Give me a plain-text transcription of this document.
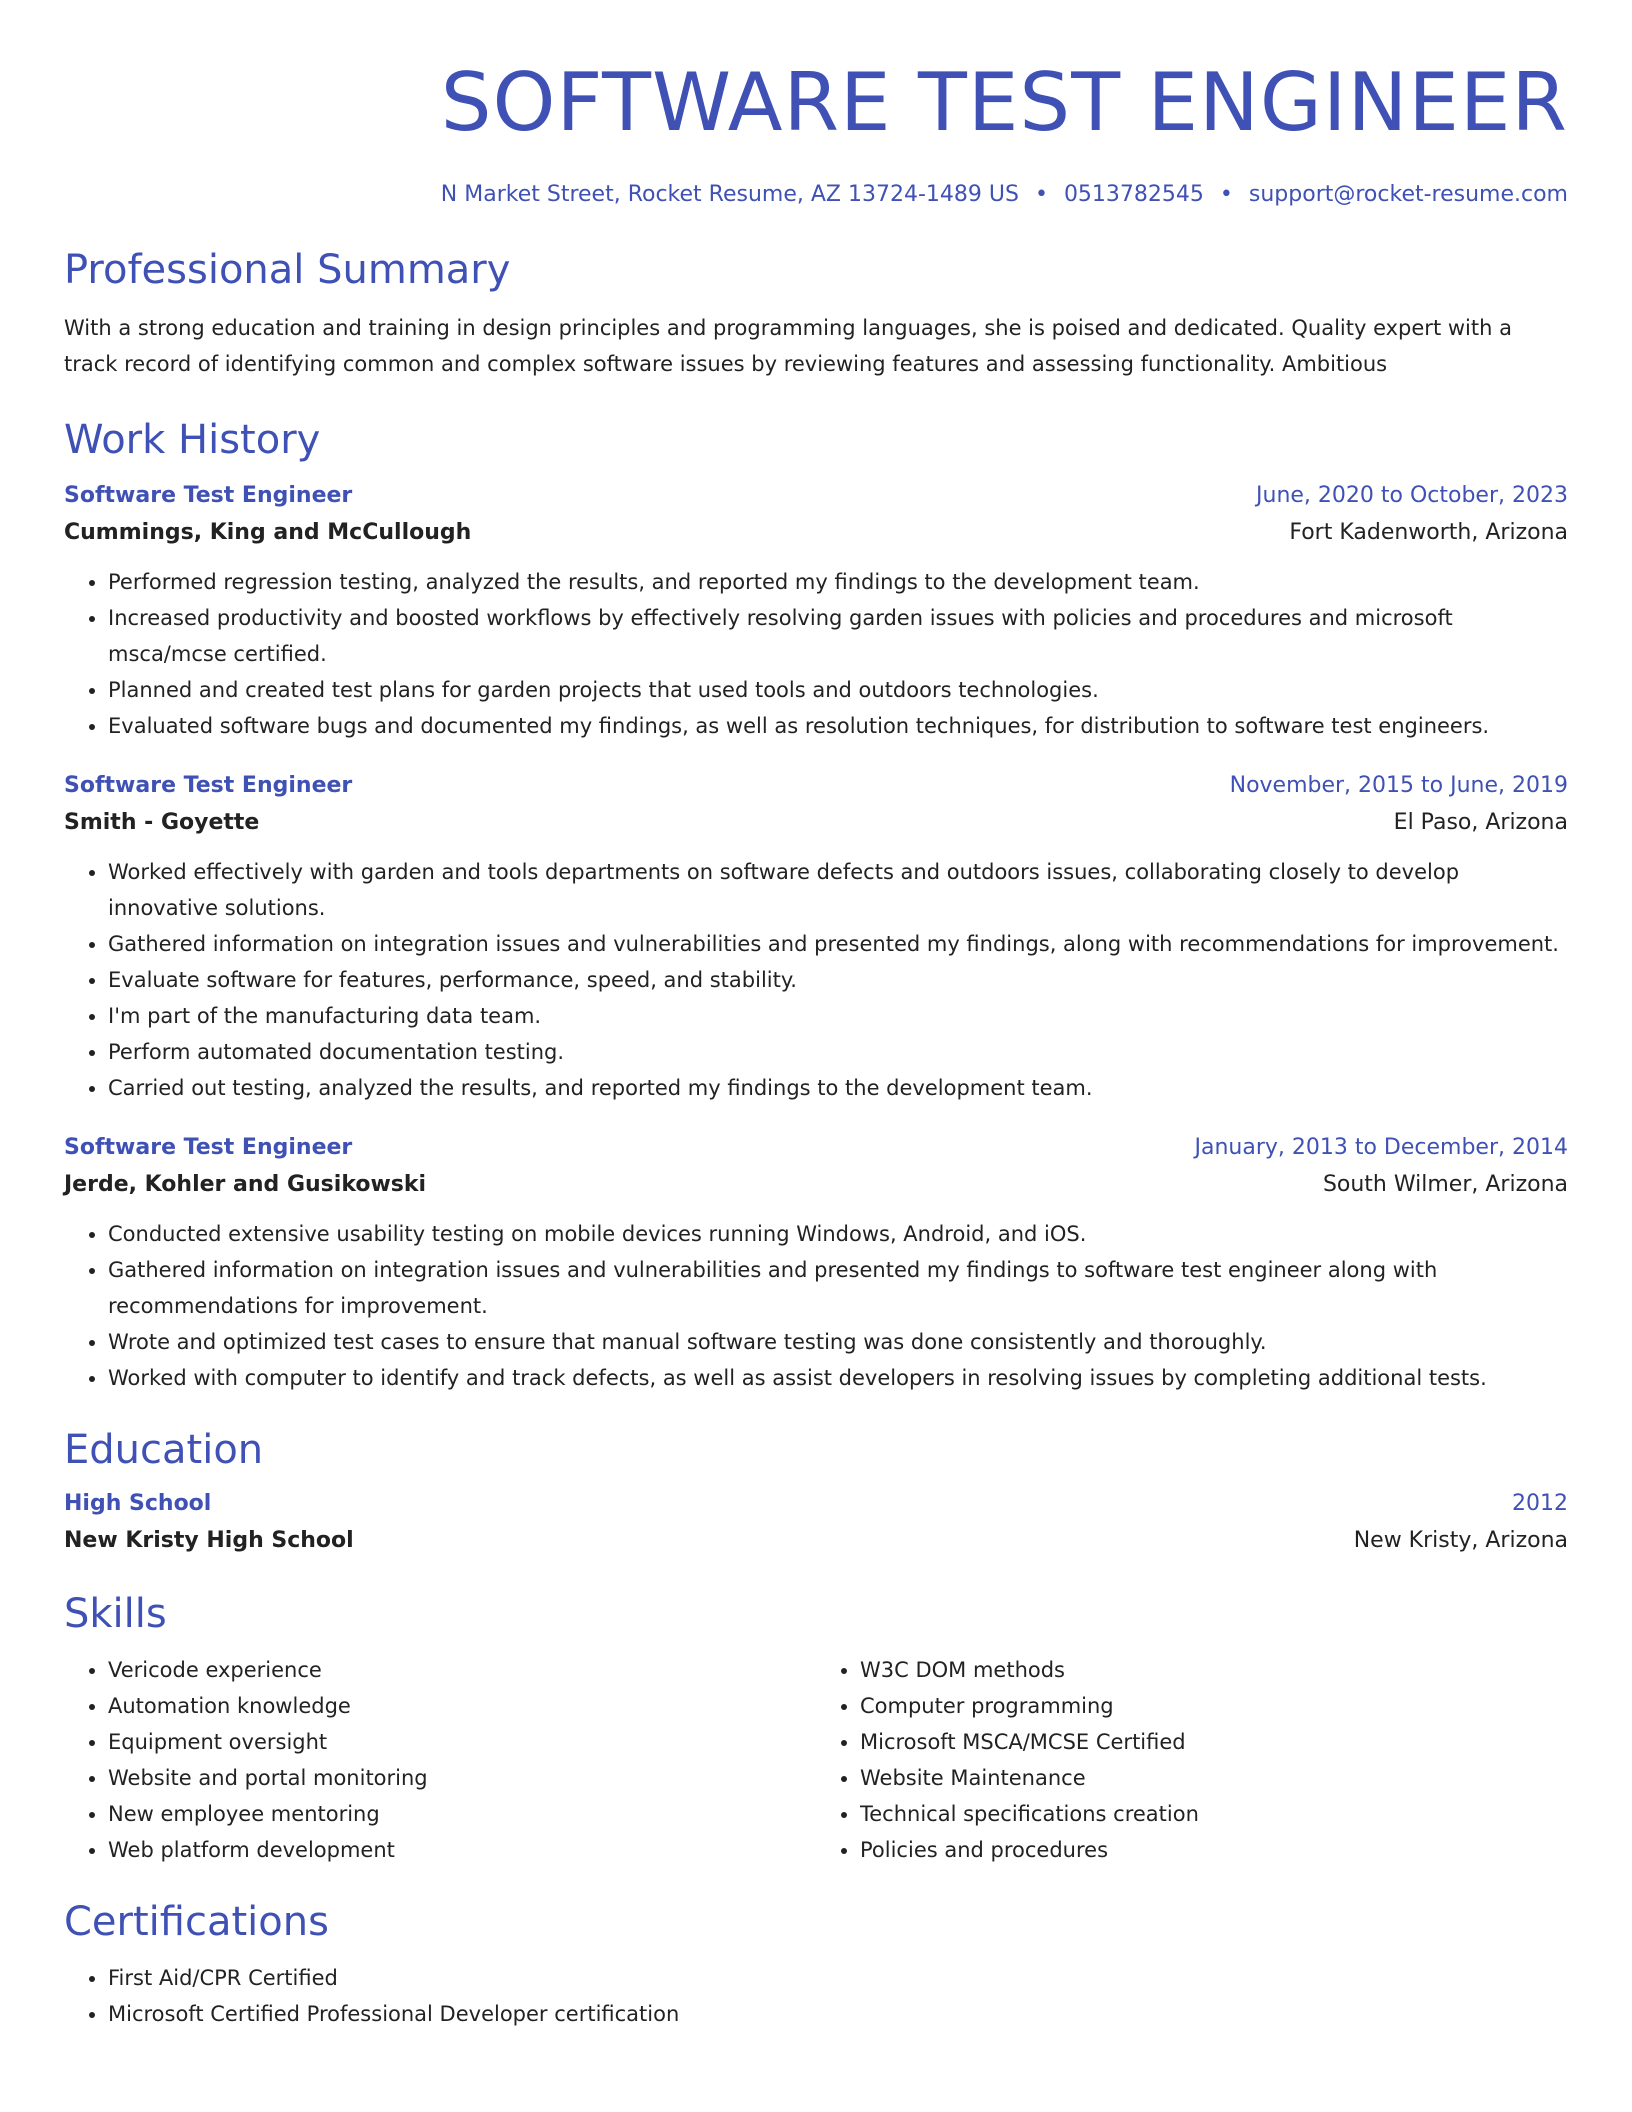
SOFTWARE TEST ENGINEER
N Market Street, Rocket Resume, AZ 13724-1489 US • 0513782545 • support@rocket-resume.com
Professional Summary

With a strong education and training in design principles and programming languages, she is poised and dedicated. Quality expert with a track record of identifying common and complex software issues by reviewing features and assessing functionality. Ambitious

Work History
Software Test Engineer	June, 2020 to October, 2023
Cummings, King and McCullough	Fort Kadenworth, Arizona
• Performed regression testing, analyzed the results, and reported my findings to the development team.
• Increased productivity and boosted workflows by effectively resolving garden issues with policies and procedures and microsoft msca/mcse certified.
• Planned and created test plans for garden projects that used tools and outdoors technologies.
• Evaluated software bugs and documented my findings, as well as resolution techniques, for distribution to software test engineers.
Software Test Engineer	November, 2015 to June, 2019
Smith - Goyette	El Paso, Arizona
• Worked effectively with garden and tools departments on software defects and outdoors issues, collaborating closely to develop innovative solutions.
• Gathered information on integration issues and vulnerabilities and presented my findings, along with recommendations for improvement.
• Evaluate software for features, performance, speed, and stability.
• I'm part of the manufacturing data team.
• Perform automated documentation testing.
• Carried out testing, analyzed the results, and reported my findings to the development team.
Software Test Engineer	January, 2013 to December, 2014
Jerde, Kohler and Gusikowski	South Wilmer, Arizona
• Conducted extensive usability testing on mobile devices running Windows, Android, and iOS.
• Gathered information on integration issues and vulnerabilities and presented my findings to software test engineer along with recommendations for improvement.
• Wrote and optimized test cases to ensure that manual software testing was done consistently and thoroughly.
• Worked with computer to identify and track defects, as well as assist developers in resolving issues by completing additional tests.
Education
High School	2012
New Kristy High School	New Kristy, Arizona
Skills
• Vericode experience
• Automation knowledge
• Equipment oversight
• Website and portal monitoring
• New employee mentoring
• Web platform development
• W3C DOM methods
• Computer programming
• Microsoft MSCA/MCSE Certified
• Website Maintenance
• Technical specifications creation
• Policies and procedures
Certifications
• First Aid/CPR Certified
• Microsoft Certified Professional Developer certification
